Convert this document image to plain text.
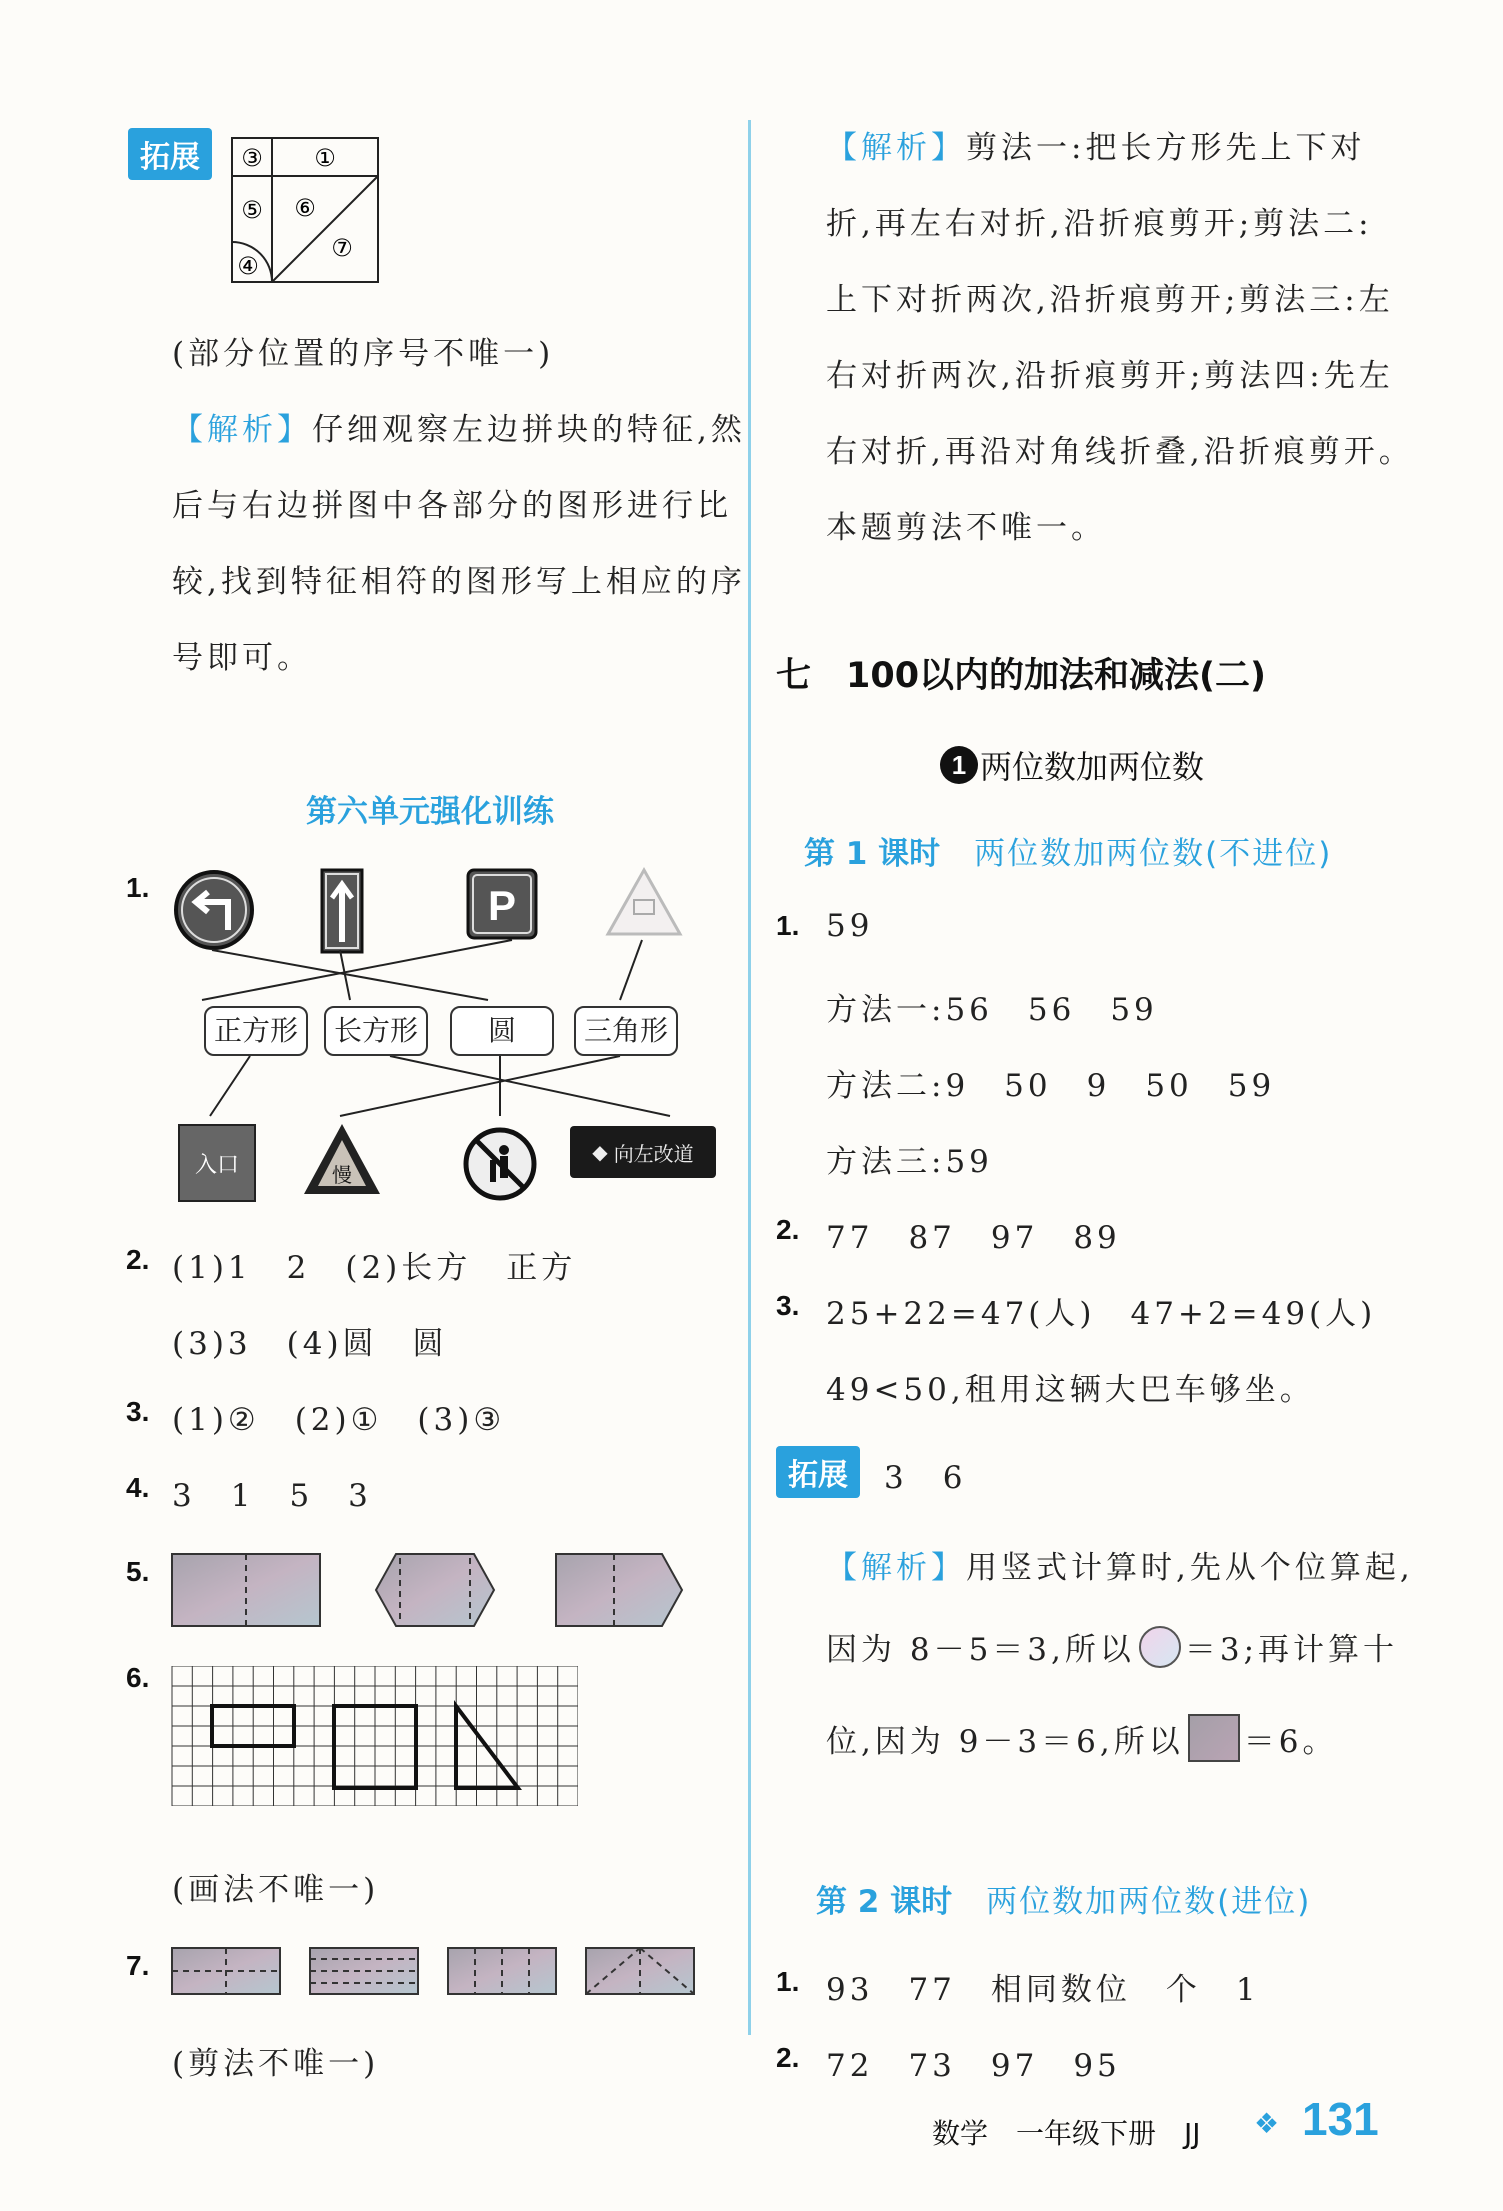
拓展	③ ①
⑤ ⑥
④
⑦
(部分位置的序号不唯一)
【解析】仔细观察左边拼块的特征,然
后与右边拼图中各部分的图形进行比
较,找到特征相符的图形写上相应的序
号即可。
第六单元强化训练
1.	P
正方形	长方形	圆	三角形
入口	慢
◆ 向左改道
2. (1)1　2　(2)长方　正方
(3)3　(4)圆　圆
3. (1)②　(2)①　(3)③
4. 3　1　5　3
5.
6.
(画法不唯一)
7.
(剪法不唯一)
【解析】剪法一:把长方形先上下对
折,再左右对折,沿折痕剪开;剪法二:
上下对折两次,沿折痕剪开;剪法三:左
右对折两次,沿折痕剪开;剪法四:先左
右对折,再沿对角线折叠,沿折痕剪开。
本题剪法不唯一。
七　100以内的加法和减法(二)
1 两位数加两位数
第 1 课时 两位数加两位数(不进位)
1. 59
方法一:56　56　59
方法二:9　50　9　50　59
方法三:59
2. 77　87　97　89
3. 25+22=47(人)　47+2=49(人)
49<50,租用这辆大巴车够坐。
拓展	3　6
【解析】用竖式计算时,先从个位算起,
因为 8－5＝3,所以 ＝3;再计算十
位,因为 9－3＝6,所以 ＝6。
第 2 课时 两位数加两位数(进位)
1. 93　77　相同数位　个　1
2. 72　73　97　95
数学　一年级下册　JJ ❖ 131
